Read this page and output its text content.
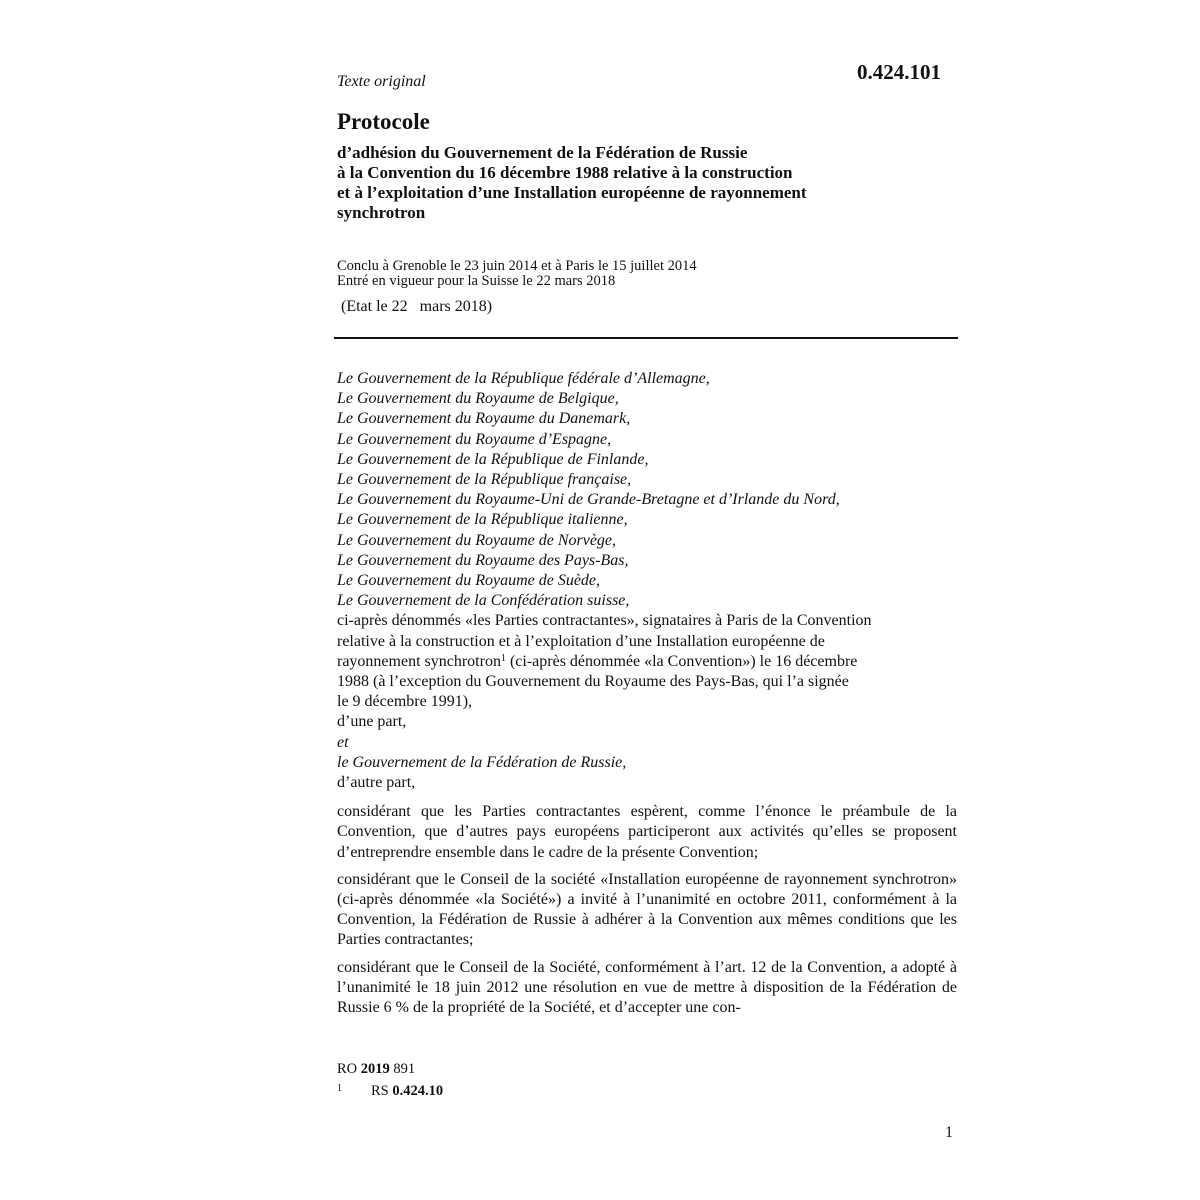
Texte original	0.424.101
Protocole
d’adhésion du Gouvernement de la Fédération de Russie
à la Convention du 16 décembre 1988 relative à la construction
et à l’exploitation d’une Installation européenne de rayonnement
synchrotron
Conclu à Grenoble le 23 juin 2014 et à Paris le 15 juillet 2014
Entré en vigueur pour la Suisse le 22 mars 2018
(Etat le 22   mars 2018)
Le Gouvernement de la République fédérale d’Allemagne,
Le Gouvernement du Royaume de Belgique,
Le Gouvernement du Royaume du Danemark,
Le Gouvernement du Royaume d’Espagne,
Le Gouvernement de la République de Finlande,
Le Gouvernement de la République française,
Le Gouvernement du Royaume-Uni de Grande-Bretagne et d’Irlande du Nord,
Le Gouvernement de la République italienne,
Le Gouvernement du Royaume de Norvège,
Le Gouvernement du Royaume des Pays-Bas,
Le Gouvernement du Royaume de Suède,
Le Gouvernement de la Confédération suisse,
ci-après dénommés «les Parties contractantes», signataires à Paris de la Convention
relative à la construction et à l’exploitation d’une Installation européenne de
rayonnement synchrotron$^1$ (ci-après dénommée «la Convention») le 16 décembre
1988 (à l’exception du Gouvernement du Royaume des Pays-Bas, qui l’a signée
le 9 décembre 1991),
d’une part,
et
le Gouvernement de la Fédération de Russie,
d’autre part,
considérant que les Parties contractantes espèrent, comme l’énonce le préambule de la Convention, que d’autres pays européens participeront aux activités qu’elles se proposent d’entreprendre ensemble dans le cadre de la présente Convention;
considérant que le Conseil de la société «Installation européenne de rayonnement synchrotron» (ci-après dénommée «la Société») a invité à l’unanimité en octobre 2011, conformément à la Convention, la Fédération de Russie à adhérer à la Convention aux mêmes conditions que les Parties contractantes;
considérant que le Conseil de la Société, conformément à l’art. 12 de la Convention, a adopté à l’unanimité le 18 juin 2012 une résolution en vue de mettre à disposition de la Fédération de Russie 6 % de la propriété de la Société, et d’accepter une con-
RO 2019 891
1 RS 0.424.10
1
